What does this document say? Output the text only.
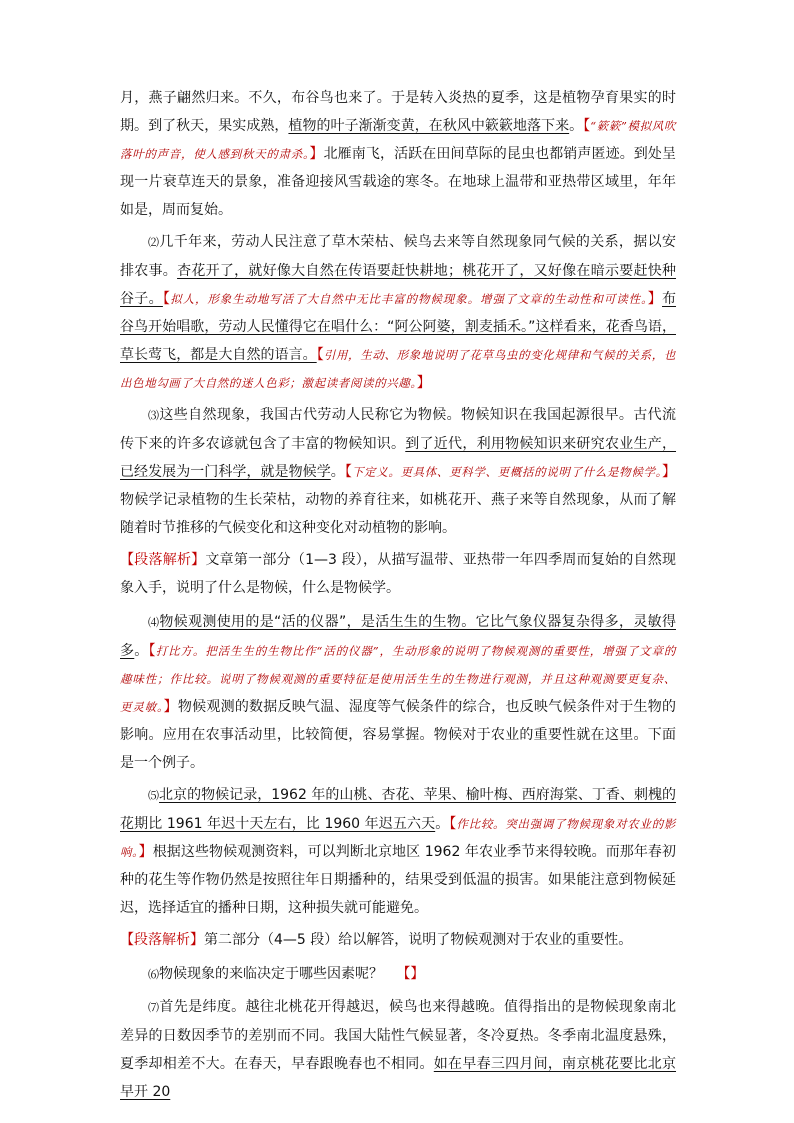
月，燕子翩然归来。不久，布谷鸟也来了。于是转入炎热的夏季，这是植物孕育果实的时期。到了秋天，果实成熟，植物的叶子渐渐变黄，在秋风中簌簌地落下来。【“簌簌”模拟风吹落叶的声音，使人感到秋天的肃杀。】北雁南飞，活跃在田间草际的昆虫也都销声匿迹。到处呈现一片衰草连天的景象，准备迎接风雪载途的寒冬。在地球上温带和亚热带区域里，年年如是，周而复始。

⑵几千年来，劳动人民注意了草木荣枯、候鸟去来等自然现象同气候的关系，据以安排农事。杏花开了，就好像大自然在传语要赶快耕地；桃花开了，又好像在暗示要赶快种谷子。【拟人，形象生动地写活了大自然中无比丰富的物候现象。增强了文章的生动性和可读性。】布谷鸟开始唱歌，劳动人民懂得它在唱什么：“阿公阿婆，割麦插禾。”这样看来，花香鸟语，草长莺飞，都是大自然的语言。【引用，生动、形象地说明了花草鸟虫的变化规律和气候的关系，也出色地勾画了大自然的迷人色彩；激起读者阅读的兴趣。】

⑶这些自然现象，我国古代劳动人民称它为物候。物候知识在我国起源很早。古代流传下来的许多农谚就包含了丰富的物候知识。到了近代，利用物候知识来研究农业生产，已经发展为一门科学，就是物候学。【下定义。更具体、更科学、更概括的说明了什么是物候学。】物候学记录植物的生长荣枯，动物的养育往来，如桃花开、燕子来等自然现象，从而了解随着时节推移的气候变化和这种变化对动植物的影响。

【段落解析】文章第一部分（1—3 段），从描写温带、亚热带一年四季周而复始的自然现象入手，说明了什么是物候，什么是物候学。

⑷物候观测使用的是“活的仪器”，是活生生的生物。它比气象仪器复杂得多，灵敏得多。【打比方。把活生生的生物比作“活的仪器”，生动形象的说明了物候观测的重要性，增强了文章的趣味性；作比较。说明了物候观测的重要特征是使用活生生的生物进行观测，并且这种观测要更复杂、更灵敏。】物候观测的数据反映气温、湿度等气候条件的综合，也反映气候条件对于生物的影响。应用在农事活动里，比较简便，容易掌握。物候对于农业的重要性就在这里。下面是一个例子。

⑸北京的物候记录，1962 年的山桃、杏花、苹果、榆叶梅、西府海棠、丁香、刺槐的花期比 1961 年迟十天左右，比 1960 年迟五六天。【作比较。突出强调了物候现象对农业的影响。】根据这些物候观测资料，可以判断北京地区 1962 年农业季节来得较晚。而那年春初种的花生等作物仍然是按照往年日期播种的，结果受到低温的损害。如果能注意到物候延迟，选择适宜的播种日期，这种损失就可能避免。

【段落解析】第二部分（4—5 段）给以解答，说明了物候观测对于农业的重要性。

⑹物候现象的来临决定于哪些因素呢？ 【】

⑺首先是纬度。越往北桃花开得越迟，候鸟也来得越晚。值得指出的是物候现象南北差异的日数因季节的差别而不同。我国大陆性气候显著，冬冷夏热。冬季南北温度悬殊，夏季却相差不大。在春天，早春跟晚春也不相同。如在早春三四月间，南京桃花要比北京早开 20
